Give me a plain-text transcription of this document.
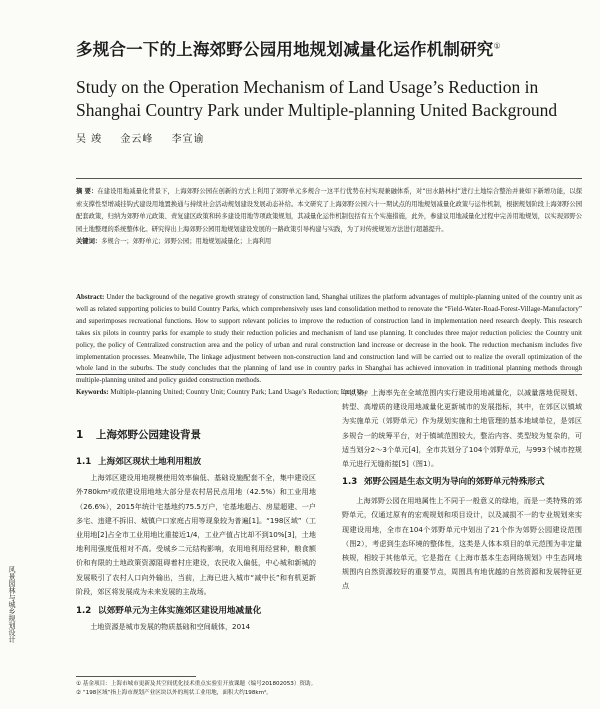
多规合一下的上海郊野公园用地规划减量化运作机制研究①
Study on the Operation Mechanism of Land Usage’s Reduction in Shanghai Country Park under Multiple-planning United Background
吴 竣 金云峰 李宣谕
摘 要：在建设用地减量化背景下，上海郊野公园在创新的方式上利用了郊野单元多规合一这平行优势在村实现兼融体系，对“田水路林村”进行土地综合整治并兼如下新增功能，以探索支撑性型增减挂钩式建设用地置换通与持续社会活动规划建设发展动态补给。本文研究了上海郊野公园六十一期试点的用地规划减量化政策与运作机制，根据规划阶段上海郊野公园配套政策，归纳为郊野单元政策、责复建区政策和转多建设用地等项政策规划，其减量化运作机制包括有五个实施措施，此外，参建议用地减量化过程中完善用地规划，以实现郊野公园土地整理的系统整体化。研究得出上海郊野公园用地规划建设发展的一路政策引导构建与实践，为了对传统规划方法进行超越提升。
关键词：多规合一；郊野单元；郊野公园；用地规划减量化；上海利用
Abstract: Under the background of the negative growth strategy of construction land, Shanghai utilizes the platform advantages of multiple-planning united of the country unit as well as related supporting policies to build Country Parks, which comprehensively uses land consolidation method to renovate the “Field-Water-Road-Forest-Village-Manufactory” and superimposes recreational functions. How to support relevant policies to improve the reduction of construction land in implementation need research deeply. This research takes six pilots in country parks for example to study their reduction policies and mechanism of land use planning. It concludes three major reduction policies: the Country unit policy, the policy of Centralized construction area and the policy of urban and rural construction land increase or decrease in the hook. The reduction mechanism includes five implementation processes. Meanwhile, The linkage adjustment between non-construction land and construction land will be carried out to realize the overall optimization of the whole land in the suburbs. The study concludes that the planning of land use in country parks in Shanghai has achieved innovation in traditional planning methods through multiple-planning united and policy guided construction methods.
Keywords: Multiple-planning United; Country Unit; Country Park; Land Usage’s Reduction; Land Use
风景园林与城乡规划设计
1 上海郊野公园建设背景
1.1 上海郊区现状土地利用粗放

上海郊区建设用地规模使用效率偏低、基础设施配套不全，集中建设区外780km²或依建设用地地大部分是农村居民点用地（42.5%）和工业用地（26.6%），2015年统计宅基地约75.5万户，宅基地超占、房屋超建、一户多宅、违建不拆旧、城镇户口家庭占用等现象较为普遍[1]。“198区域”（工业用地[2]占全市工业用地比重接近1/4，工业产值占比却不到10%[3]，土地地利用强度低相对不高。受城乡二元结构影响，农用地利用经营种，粮食额价和有限的土地政策资源阻碍着村庄建设，农民收入偏低，中心城和新城的发展吸引了农村人口向外输出，当前，上海已进入城市“减中长”和有机更新阶段，郊区将发展成为未来发展的主战场。

1.2 以郊野单元为主体实施郊区建设用地减量化

土地资源是城市发展的物质基础和空间载体，2014

年以来，上海率先在全域范围内实行建设用地减量化，以减量落地促规划、转型、高增质的建设用地减量化更新城市的发展指标，其中，在郊区以镇域为实施单元（郊野单元）作为规划实施和土地管理的基本地域单位，是郊区多规合一的统筹平台，对于镇域范围较大，整治内容、类型较为复杂的，可适当划分2～3个单元[4]，全市共划分了104个郊野单元，与993个城市控规单元进行无缝衔接[5]（图1）。

1.3 郊野公园是生态文明为导向的郊野单元特殊形式

上海郊野公园在用地属性上不同于一般意义的绿地，而是一类特殊的郊野单元，仅通过原有的宏观规划和项目设计，以及减损不一的专业规划来实现建设用地，全市在104个郊野单元中划出了21个作为郊野公园建设范围（图2），考虑到生态环境的整体性，这类是人体本项目的单元范围为非定量核规，相较于其他单元，它是指在《上海市基本生态网络规划》中生态网地规围内自然资源较好的重要节点，周围具有地优越的自然资源和发展特征更点

① 基金项目：上海市城市更新及其空间优化技术重点实验室开放课题（编号201802053）资助。
② “198区域”指上海市规划产业区块以外的现状工业用地，面积大约198km²。
